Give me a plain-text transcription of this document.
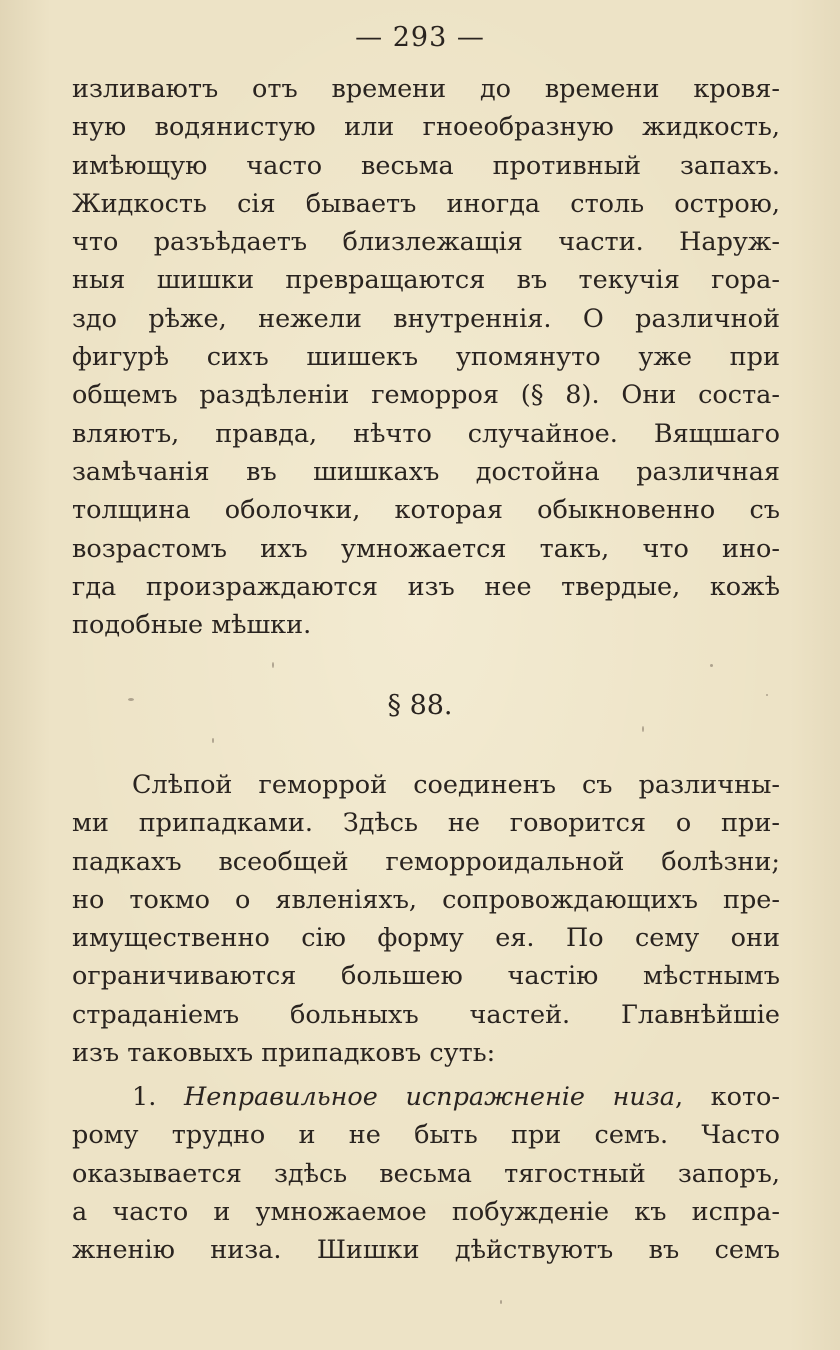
— 293 —
изливаютъ отъ времени до времени кровя-
ную водянистую или гноеобразную жидкость,
имѣющую часто весьма противный запахъ.
Жидкость сія бываетъ иногда столь острою,
что разъѣдаетъ близлежащія части. Наруж-
ныя шишки превращаются въ текучія гора-
здо рѣже, нежели внутреннія. О различной
фигурѣ сихъ шишекъ упомянуто уже при
общемъ раздѣленіи геморроя (§ 8). Они соста-
вляютъ, правда, нѣчто случайное. Вящшаго
замѣчанія въ шишкахъ достойна различная
толщина оболочки, которая обыкновенно съ
возрастомъ ихъ умножается такъ, что ино-
гда произраждаются изъ нее твердые, кожѣ
подобные мѣшки.
§ 88.
Слѣпой геморрой соединенъ съ различны-
ми припадками. Здѣсь не говорится о при-
падкахъ всеобщей геморроидальной болѣзни;
но токмо о явленіяхъ, сопровождающихъ пре-
имущественно сію форму ея. По сему они
ограничиваются большею частію мѣстнымъ
страданіемъ больныхъ частей. Главнѣйшіе
изъ таковыхъ припадковъ суть:
1. Неправильное испражненіе низа, кото-
рому трудно и не быть при семъ. Часто
оказывается здѣсь весьма тягостный запоръ,
а часто и умножаемое побужденіе къ испра-
жненію низа. Шишки дѣйствуютъ въ семъ
